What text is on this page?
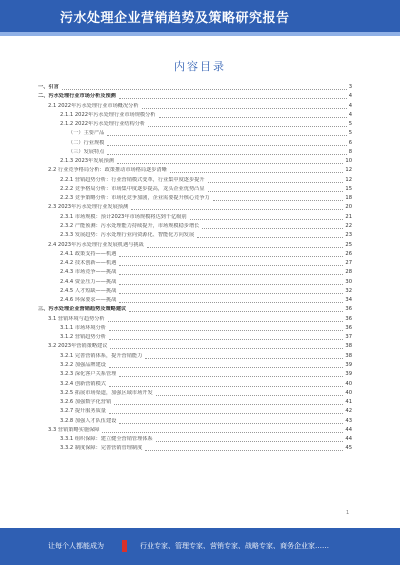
污水处理企业营销趋势及策略研究报告
内容目录
一、引言	3
二、污水处理行业市场分析及预测	4
2.1 2022年污水处理行业市场概况分析	4
2.1.1 2022年污水处理行业市场规模分析	4
2.1.2 2022年污水处理行业结构分析	5
（一）主要产品	5
（二）行业规模	6
（三）发展特点	8
2.1.3 2023年发展预测	10
2.2 行业竞争格局分析：政策推动市场格局逐步清晰	12
2.2.1 营销趋势分析：行业营销模式变革，行业集中度逐步提升	12
2.2.2 竞争格局分析：市场集中度逐步提高，龙头企业优势凸显	15
2.2.3 竞争策略分析：市场化竞争加剧，企业需要提升核心竞争力	18
2.3 2023年污水处理行业发展预测	20
2.3.1 市场规模：预计2023年市场规模将达到千亿级别	21
2.3.2 产能预测：污水处理能力持续提升，市场规模稳步增长	22
2.3.3 发展趋势：污水处理行业向资源化、智能化方向发展	23
2.4 2023年污水处理行业发展机遇与挑战	25
2.4.1 政策支持——机遇	26
2.4.2 技术创新——机遇	27
2.4.3 市场竞争——挑战	28
2.4.4 资金压力——挑战	30
2.4.5 人才短缺——挑战	32
2.4.6 环保要求——挑战	34
三、污水处理企业营销趋势及策略建议	36
3.1 营销环境与趋势分析	36
3.1.1 市场环境分析	36
3.1.2 营销趋势分析	37
3.2 2023年营销策略建议	38
3.2.1 完善营销体系，提升营销能力	38
3.2.2 加强品牌建设	39
3.2.3 深化客户关系管理	39
3.2.4 创新营销模式	40
3.2.5 拓展市场渠道，加强区域市场开发	40
3.2.6 加强数字化营销	41
3.2.7 提升服务质量	42
3.2.8 加强人才队伍建设	43
3.3 营销策略实施保障	44
3.3.1 组织保障：建立健全营销管理体系	44
3.3.2 制度保障：完善营销管理制度	45
1
让每个人都能成为	行业专家、管理专家、营销专家、战略专家、商务企业家……
